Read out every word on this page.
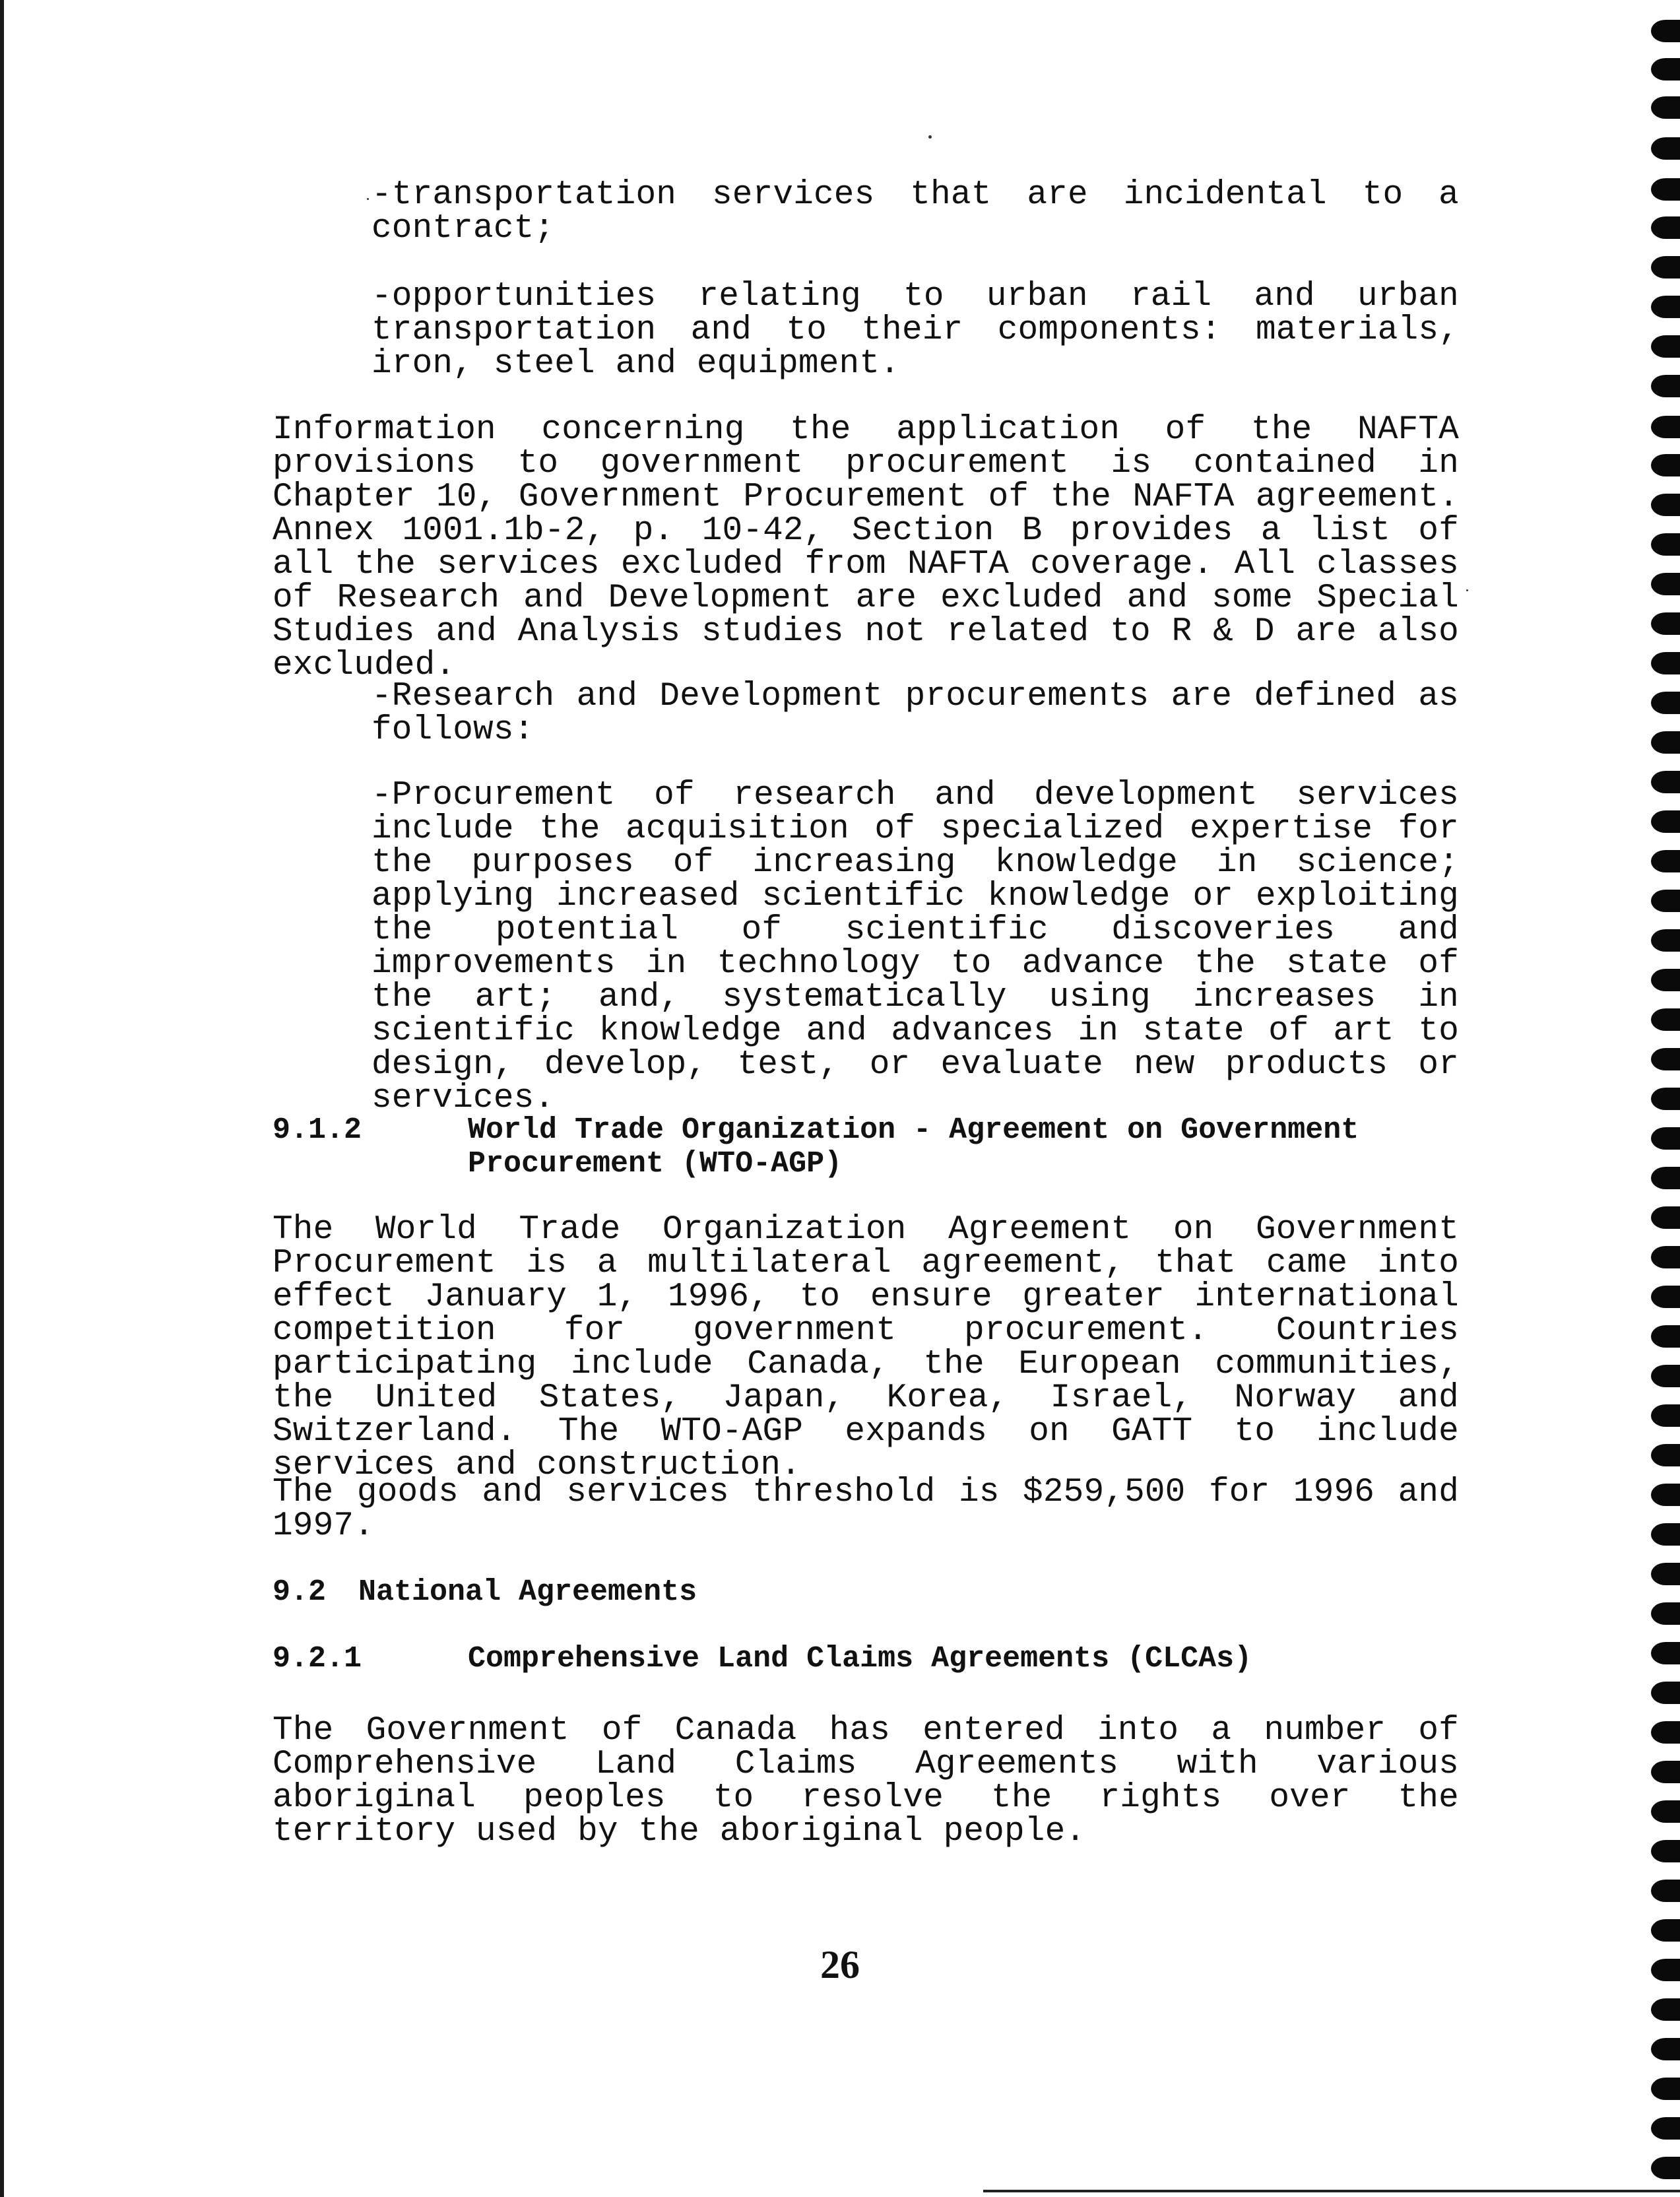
-transportation services that are incidental to a contract;
-opportunities relating to urban rail and urban transportation and to their components: materials, iron, steel and equipment.
Information concerning the application of the NAFTA provisions to government procurement is contained in Chapter 10, Government Procurement of the NAFTA agreement. Annex 1001.1b-2, p. 10-42, Section B provides a list of all the services excluded from NAFTA coverage. All classes of Research and Development are excluded and some Special Studies and Analysis studies not related to R & D are also excluded.
-Research and Development procurements are defined as follows:
-Procurement of research and development services include the acquisition of specialized expertise for the purposes of increasing knowledge in science; applying increased scientific knowledge or exploiting the potential of scientific discoveries and improvements in technology to advance the state of the art; and, systematically using increases in scientific knowledge and advances in state of art to design, develop, test, or evaluate new products or services.
9.1.2	World Trade Organization - Agreement on Government Procurement (WTO-AGP)
The World Trade Organization Agreement on Government Procurement is a multilateral agreement, that came into effect January 1, 1996, to ensure greater international competition for government procurement. Countries participating include Canada, the European communities, the United States, Japan, Korea, Israel, Norway and Switzerland. The WTO-AGP expands on GATT to include services and construction.
The goods and services threshold is $259,500 for 1996 and 1997.
9.2 National Agreements
9.2.1	Comprehensive Land Claims Agreements (CLCAs)
The Government of Canada has entered into a number of Comprehensive Land Claims Agreements with various aboriginal peoples to resolve the rights over the territory used by the aboriginal people.
26
